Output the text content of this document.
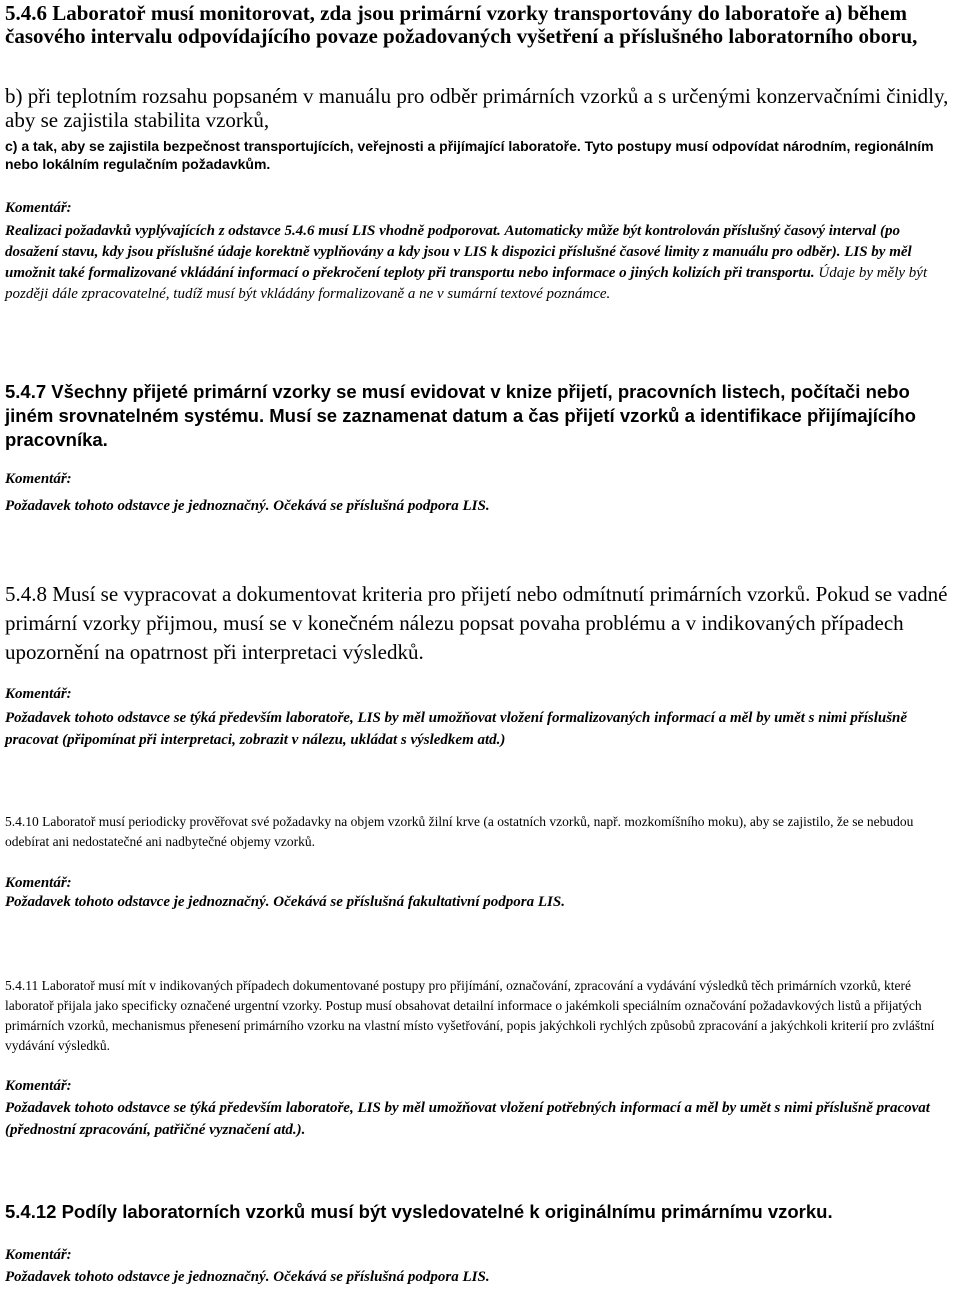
5.4.6 Laboratoř musí monitorovat, zda jsou primární vzorky transportovány do laboratoře a) během časového intervalu odpovídajícího povaze požadovaných vyšetření a příslušného laboratorního oboru,

b) při teplotním rozsahu popsaném v manuálu pro odběr primárních vzorků a s určenými konzervačními činidly, aby se zajistila stabilita vzorků,

c) a tak, aby se zajistila bezpečnost transportujících, veřejnosti a přijímající laboratoře. Tyto postupy musí odpovídat národním, regionálním nebo lokálním regulačním požadavkům.

Komentář:

Realizaci požadavků vyplývajících z odstavce 5.4.6 musí LIS vhodně podporovat. Automaticky může být kontrolován příslušný časový interval (po dosažení stavu, kdy jsou příslušné údaje korektně vyplňovány a kdy jsou v LIS k dispozici příslušné časové limity z manuálu pro odběr). LIS by měl umožnit také formalizované vkládání informací o překročení teploty při transportu nebo informace o jiných kolizích při transportu. Údaje by měly být později dále zpracovatelné, tudíž musí být vkládány formalizovaně a ne v sumární textové poznámce.

5.4.7 Všechny přijeté primární vzorky se musí evidovat v knize přijetí, pracovních listech, počítači nebo jiném srovnatelném systému. Musí se zaznamenat datum a čas přijetí vzorků a identifikace přijímajícího pracovníka.

Komentář:

Požadavek tohoto odstavce je jednoznačný. Očekává se příslušná podpora LIS.

5.4.8 Musí se vypracovat a dokumentovat kriteria pro přijetí nebo odmítnutí primárních vzorků. Pokud se vadné primární vzorky přijmou, musí se v konečném nálezu popsat povaha problému a v indikovaných případech upozornění na opatrnost při interpretaci výsledků.

Komentář:

Požadavek tohoto odstavce se týká především laboratoře, LIS by měl umožňovat vložení formalizovaných informací a měl by umět s nimi příslušně pracovat (připomínat při interpretaci, zobrazit v nálezu, ukládat s výsledkem atd.)

5.4.10 Laboratoř musí periodicky prověřovat své požadavky na objem vzorků žilní krve (a ostatních vzorků, např. mozkomíšního moku), aby se zajistilo, že se nebudou odebírat ani nedostatečné ani nadbytečné objemy vzorků.

Komentář:

Požadavek tohoto odstavce je jednoznačný. Očekává se příslušná fakultativní podpora LIS.

5.4.11 Laboratoř musí mít v indikovaných případech dokumentované postupy pro přijímání, označování, zpracování a vydávání výsledků těch primárních vzorků, které laboratoř přijala jako specificky označené urgentní vzorky. Postup musí obsahovat detailní informace o jakémkoli speciálním označování požadavkových listů a přijatých primárních vzorků, mechanismus přenesení primárního vzorku na vlastní místo vyšetřování, popis jakýchkoli rychlých způsobů zpracování a jakýchkoli kriterií pro zvláštní vydávání výsledků.

Komentář:

Požadavek tohoto odstavce se týká především laboratoře, LIS by měl umožňovat vložení potřebných informací a měl by umět s nimi příslušně pracovat (přednostní zpracování, patřičné vyznačení atd.).

5.4.12 Podíly laboratorních vzorků musí být vysledovatelné k originálnímu primárnímu vzorku.

Komentář:

Požadavek tohoto odstavce je jednoznačný. Očekává se příslušná podpora LIS.
